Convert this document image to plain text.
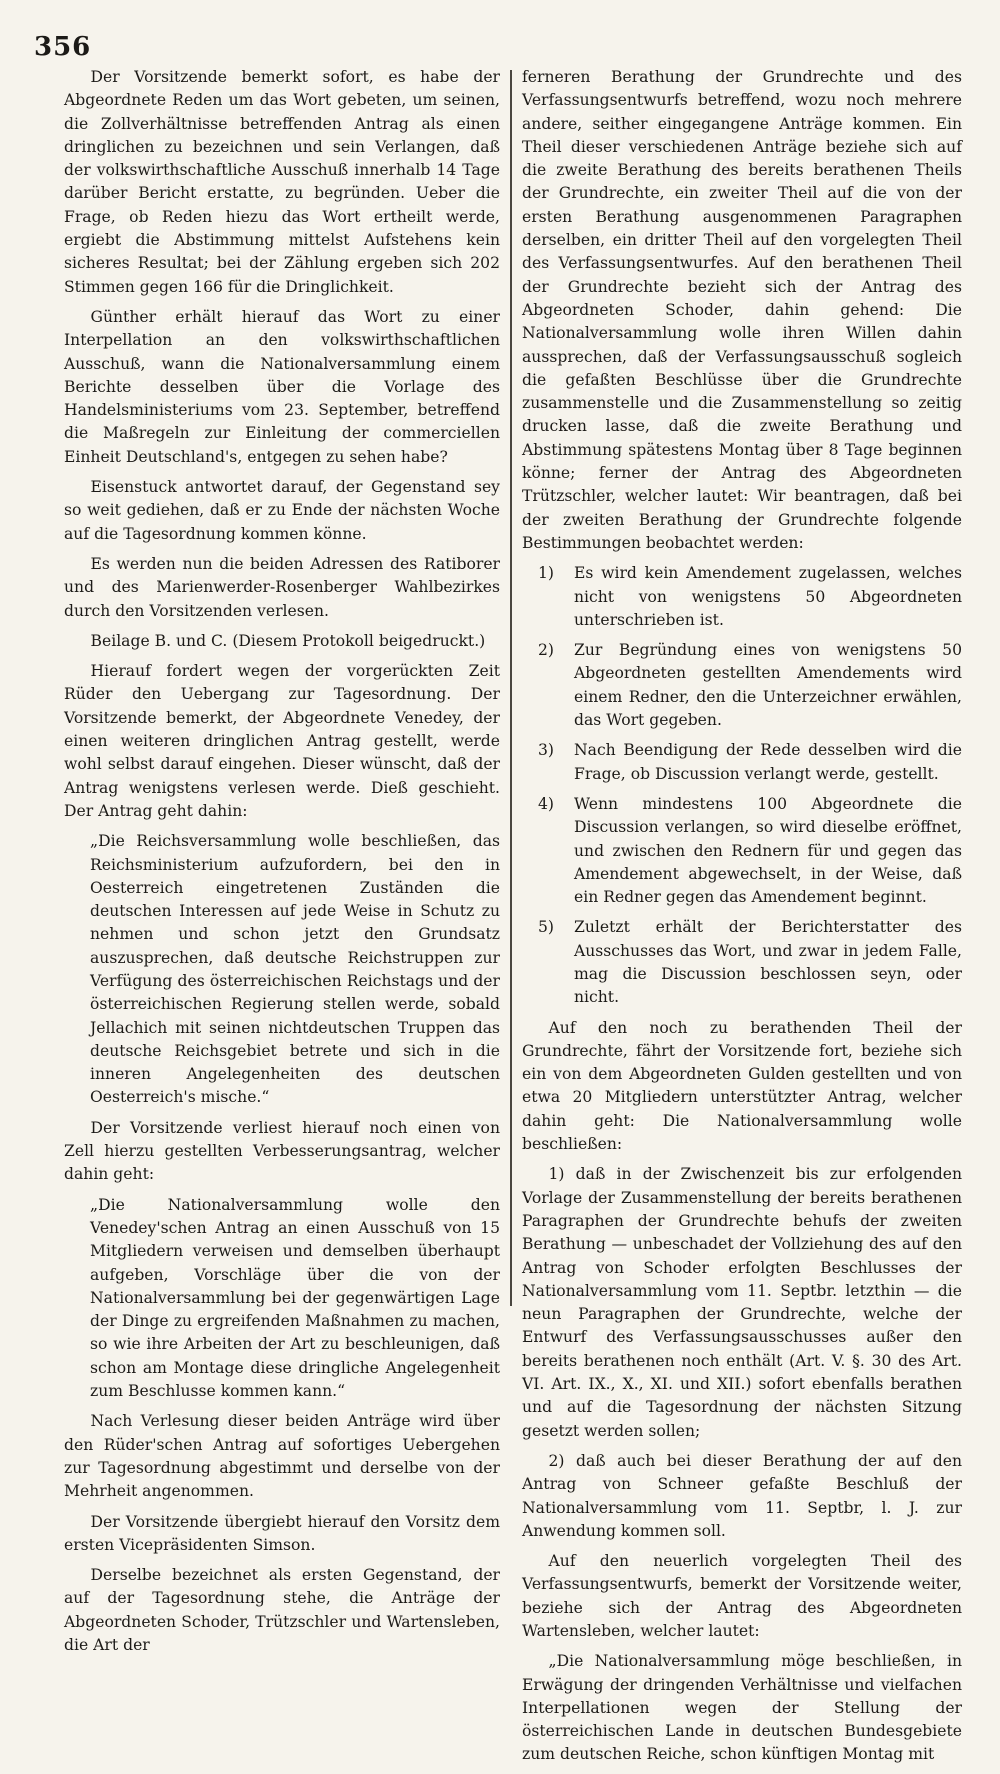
356

Der Vorsitzende bemerkt sofort, es habe der Abgeordnete Reden um das Wort gebeten, um seinen, die Zollverhältnisse betreffenden Antrag als einen dringlichen zu bezeichnen und sein Verlangen, daß der volkswirthschaftliche Ausschuß innerhalb 14 Tage darüber Bericht erstatte, zu begründen. Ueber die Frage, ob Reden hiezu das Wort ertheilt werde, ergiebt die Abstimmung mittelst Aufstehens kein sicheres Resultat; bei der Zählung ergeben sich 202 Stimmen gegen 166 für die Dringlichkeit.

Günther erhält hierauf das Wort zu einer Interpellation an den volkswirthschaftlichen Ausschuß, wann die Nationalversammlung einem Berichte desselben über die Vorlage des Handelsministeriums vom 23. September, betreffend die Maßregeln zur Einleitung der commerciellen Einheit Deutschland's, entgegen zu sehen habe?

Eisenstuck antwortet darauf, der Gegenstand sey so weit gediehen, daß er zu Ende der nächsten Woche auf die Tagesordnung kommen könne.

Es werden nun die beiden Adressen des Ratiborer und des Marienwerder-Rosenberger Wahlbezirkes durch den Vorsitzenden verlesen.

Beilage B. und C. (Diesem Protokoll beigedruckt.)

Hierauf fordert wegen der vorgerückten Zeit Rüder den Uebergang zur Tagesordnung. Der Vorsitzende bemerkt, der Abgeordnete Venedey, der einen weiteren dringlichen Antrag gestellt, werde wohl selbst darauf eingehen. Dieser wünscht, daß der Antrag wenigstens verlesen werde. Dieß geschieht. Der Antrag geht dahin:

„Die Reichsversammlung wolle beschließen, das Reichsministerium aufzufordern, bei den in Oesterreich eingetretenen Zuständen die deutschen Interessen auf jede Weise in Schutz zu nehmen und schon jetzt den Grundsatz auszusprechen, daß deutsche Reichstruppen zur Verfügung des österreichischen Reichstags und der österreichischen Regierung stellen werde, sobald Jellachich mit seinen nichtdeutschen Truppen das deutsche Reichsgebiet betrete und sich in die inneren Angelegenheiten des deutschen Oesterreich's mische.“

Der Vorsitzende verliest hierauf noch einen von Zell hierzu gestellten Verbesserungsantrag, welcher dahin geht:

„Die Nationalversammlung wolle den Venedey'schen Antrag an einen Ausschuß von 15 Mitgliedern verweisen und demselben überhaupt aufgeben, Vorschläge über die von der Nationalversammlung bei der gegenwärtigen Lage der Dinge zu ergreifenden Maßnahmen zu machen, so wie ihre Arbeiten der Art zu beschleunigen, daß schon am Montage diese dringliche Angelegenheit zum Beschlusse kommen kann.“

Nach Verlesung dieser beiden Anträge wird über den Rüder'schen Antrag auf sofortiges Uebergehen zur Tagesordnung abgestimmt und derselbe von der Mehrheit angenommen.

Der Vorsitzende übergiebt hierauf den Vorsitz dem ersten Vicepräsidenten Simson.

Derselbe bezeichnet als ersten Gegenstand, der auf der Tagesordnung stehe, die Anträge der Abgeordneten Schoder, Trützschler und Wartensleben, die Art der

ferneren Berathung der Grundrechte und des Verfassungsentwurfs betreffend, wozu noch mehrere andere, seither eingegangene Anträge kommen. Ein Theil dieser verschiedenen Anträge beziehe sich auf die zweite Berathung des bereits berathenen Theils der Grundrechte, ein zweiter Theil auf die von der ersten Berathung ausgenommenen Paragraphen derselben, ein dritter Theil auf den vorgelegten Theil des Verfassungsentwurfes. Auf den berathenen Theil der Grundrechte bezieht sich der Antrag des Abgeordneten Schoder, dahin gehend: Die Nationalversammlung wolle ihren Willen dahin aussprechen, daß der Verfassungsausschuß sogleich die gefaßten Beschlüsse über die Grundrechte zusammenstelle und die Zusammenstellung so zeitig drucken lasse, daß die zweite Berathung und Abstimmung spätestens Montag über 8 Tage beginnen könne; ferner der Antrag des Abgeordneten Trützschler, welcher lautet: Wir beantragen, daß bei der zweiten Berathung der Grundrechte folgende Bestimmungen beobachtet werden:

1)	Es wird kein Amendement zugelassen, welches nicht von wenigstens 50 Abgeordneten unterschrieben ist.
2)	Zur Begründung eines von wenigstens 50 Abgeordneten gestellten Amendements wird einem Redner, den die Unterzeichner erwählen, das Wort gegeben.
3)	Nach Beendigung der Rede desselben wird die Frage, ob Discussion verlangt werde, gestellt.
4)	Wenn mindestens 100 Abgeordnete die Discussion verlangen, so wird dieselbe eröffnet, und zwischen den Rednern für und gegen das Amendement abgewechselt, in der Weise, daß ein Redner gegen das Amendement beginnt.
5)	Zuletzt erhält der Berichterstatter des Ausschusses das Wort, und zwar in jedem Falle, mag die Discussion beschlossen seyn, oder nicht.

Auf den noch zu berathenden Theil der Grundrechte, fährt der Vorsitzende fort, beziehe sich ein von dem Abgeordneten Gulden gestellten und von etwa 20 Mitgliedern unterstützter Antrag, welcher dahin geht: Die Nationalversammlung wolle beschließen:

1) daß in der Zwischenzeit bis zur erfolgenden Vorlage der Zusammenstellung der bereits berathenen Paragraphen der Grundrechte behufs der zweiten Berathung — unbeschadet der Vollziehung des auf den Antrag von Schoder erfolgten Beschlusses der Nationalversammlung vom 11. Septbr. letzthin — die neun Paragraphen der Grundrechte, welche der Entwurf des Verfassungsausschusses außer den bereits berathenen noch enthält (Art. V. §. 30 des Art. VI. Art. IX., X., XI. und XII.) sofort ebenfalls berathen und auf die Tagesordnung der nächsten Sitzung gesetzt werden sollen;

2) daß auch bei dieser Berathung der auf den Antrag von Schneer gefaßte Beschluß der Nationalversammlung vom 11. Septbr, l. J. zur Anwendung kommen soll.

Auf den neuerlich vorgelegten Theil des Verfassungsentwurfs, bemerkt der Vorsitzende weiter, beziehe sich der Antrag des Abgeordneten Wartensleben, welcher lautet:

„Die Nationalversammlung möge beschließen, in Erwägung der dringenden Verhältnisse und vielfachen Interpellationen wegen der Stellung der österreichischen Lande in deutschen Bundesgebiete zum deutschen Reiche, schon künftigen Montag mit
